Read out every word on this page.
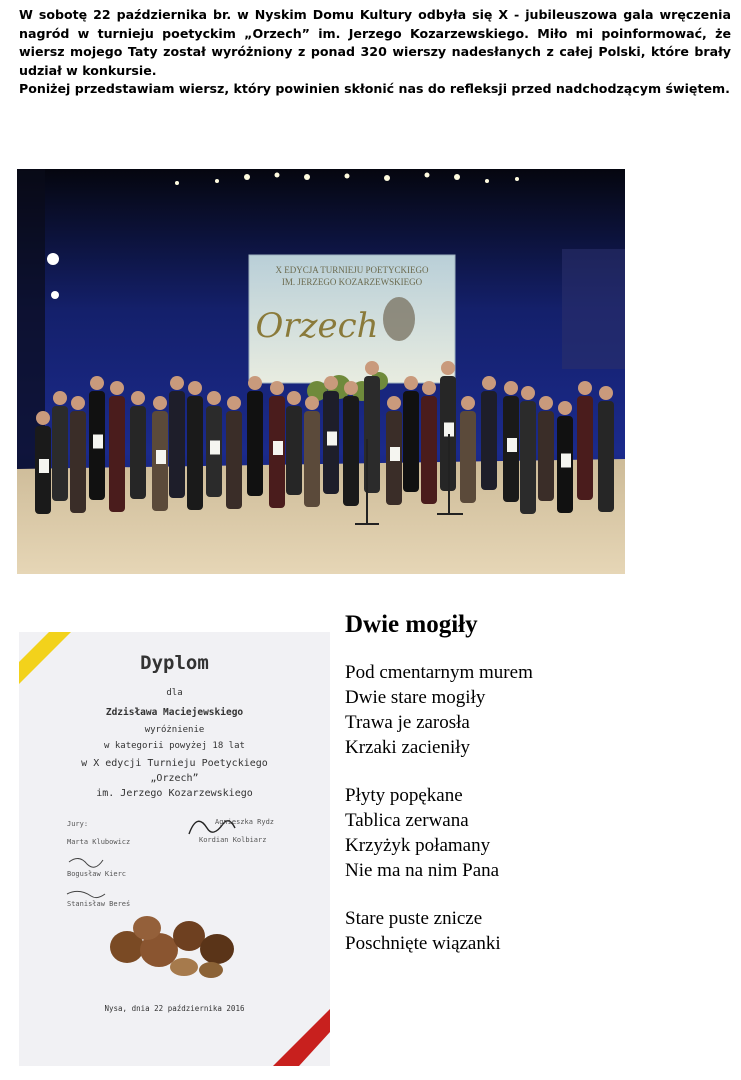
W sobotę 22 października br. w Nyskim Domu Kultury odbyła się X - jubileuszowa gala wręczenia nagród w turnieju poetyckim „Orzech” im. Jerzego Kozarzewskiego. Miło mi poinformować, że wiersz mojego Taty został wyróżniony z ponad 320 wierszy nadesłanych z całej Polski, które brały udział w konkursie.

Poniżej przedstawiam wiersz, który powinien skłonić nas do refleksji przed nadchodzącym świętem.

X EDYCJA TURNIEJU POETYCKIEGO
IM. JERZEGO KOZARZEWSKIEGO
Orzech
Dyplom
dla
Zdzisława Maciejewskiego
wyróżnienie
w kategorii powyżej 18 lat
w X edycji Turnieju Poetyckiego
„Orzech”
im. Jerzego Kozarzewskiego
Jury:
Marta Klubowicz
Bogusław Kierc
Stanisław Bereś
Agnieszka Rydz
Kordian Kolbiarz
Nysa, dnia 22 października 2016
Dwie mogiły
Pod cmentarnym murem
Dwie stare mogiły
Trawa je zarosła
Krzaki zacieniły
Płyty popękane
Tablica zerwana
Krzyżyk połamany
Nie ma na nim Pana
Stare puste znicze
Poschnięte wiązanki
